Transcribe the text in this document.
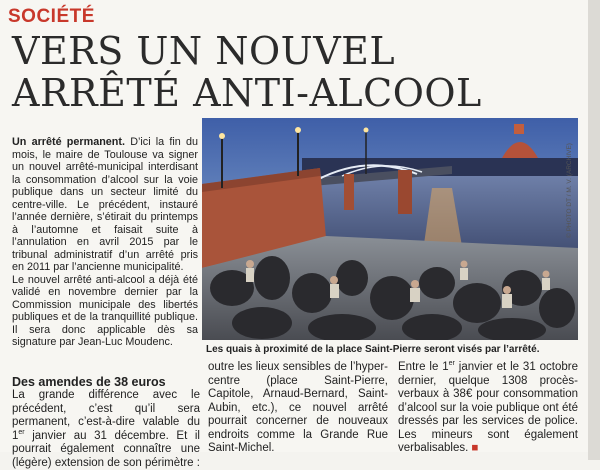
SOCIÉTÉ
VERS UN NOUVEL
ARRÊTÉ ANTI-ALCOOL

Un arrêté permanent. D’ici la fin du mois, le maire de Toulouse va signer un nouvel arrêté-municipal interdisant la consommation d’alcool sur la voie publique dans un secteur limité du centre-ville. Le précédent, instauré l’année dernière, s’étirait du printemps à l’automne et faisait suite à l’annulation en avril 2015 par le tribunal administratif d’un arrêté pris en 2011 par l’ancienne municipalité.

Le nouvel arrêté anti-alcool a déjà été validé en novembre dernier par la Commission municipale des libertés publiques et de la tranquillité publique. Il sera donc applicable dès sa signature par Jean-Luc Moudenc.

© PHOTO DT / M. V. (ARCHIVE)
Les quais à proximité de la place Saint-Pierre seront visés par l’arrêté.
Des amendes de 38 euros
La grande différence avec le précédent, c’est qu’il sera permanent, c’est-à-dire valable du 1er janvier au 31 décembre. Et il pourrait également connaître une (légère) extension de son périmètre :
outre les lieux sensibles de l’hyper-centre (place Saint-Pierre, Capitole, Arnaud-Bernard, Saint-Aubin, etc.), ce nouvel arrêté pourrait concerner de nouveaux endroits comme la Grande Rue Saint-Michel.
Entre le 1er janvier et le 31 octobre dernier, quelque 1308 procès-verbaux à 38€ pour consommation d’alcool sur la voie publique ont été dressés par les services de police. Les mineurs sont également verbalisables. ■
